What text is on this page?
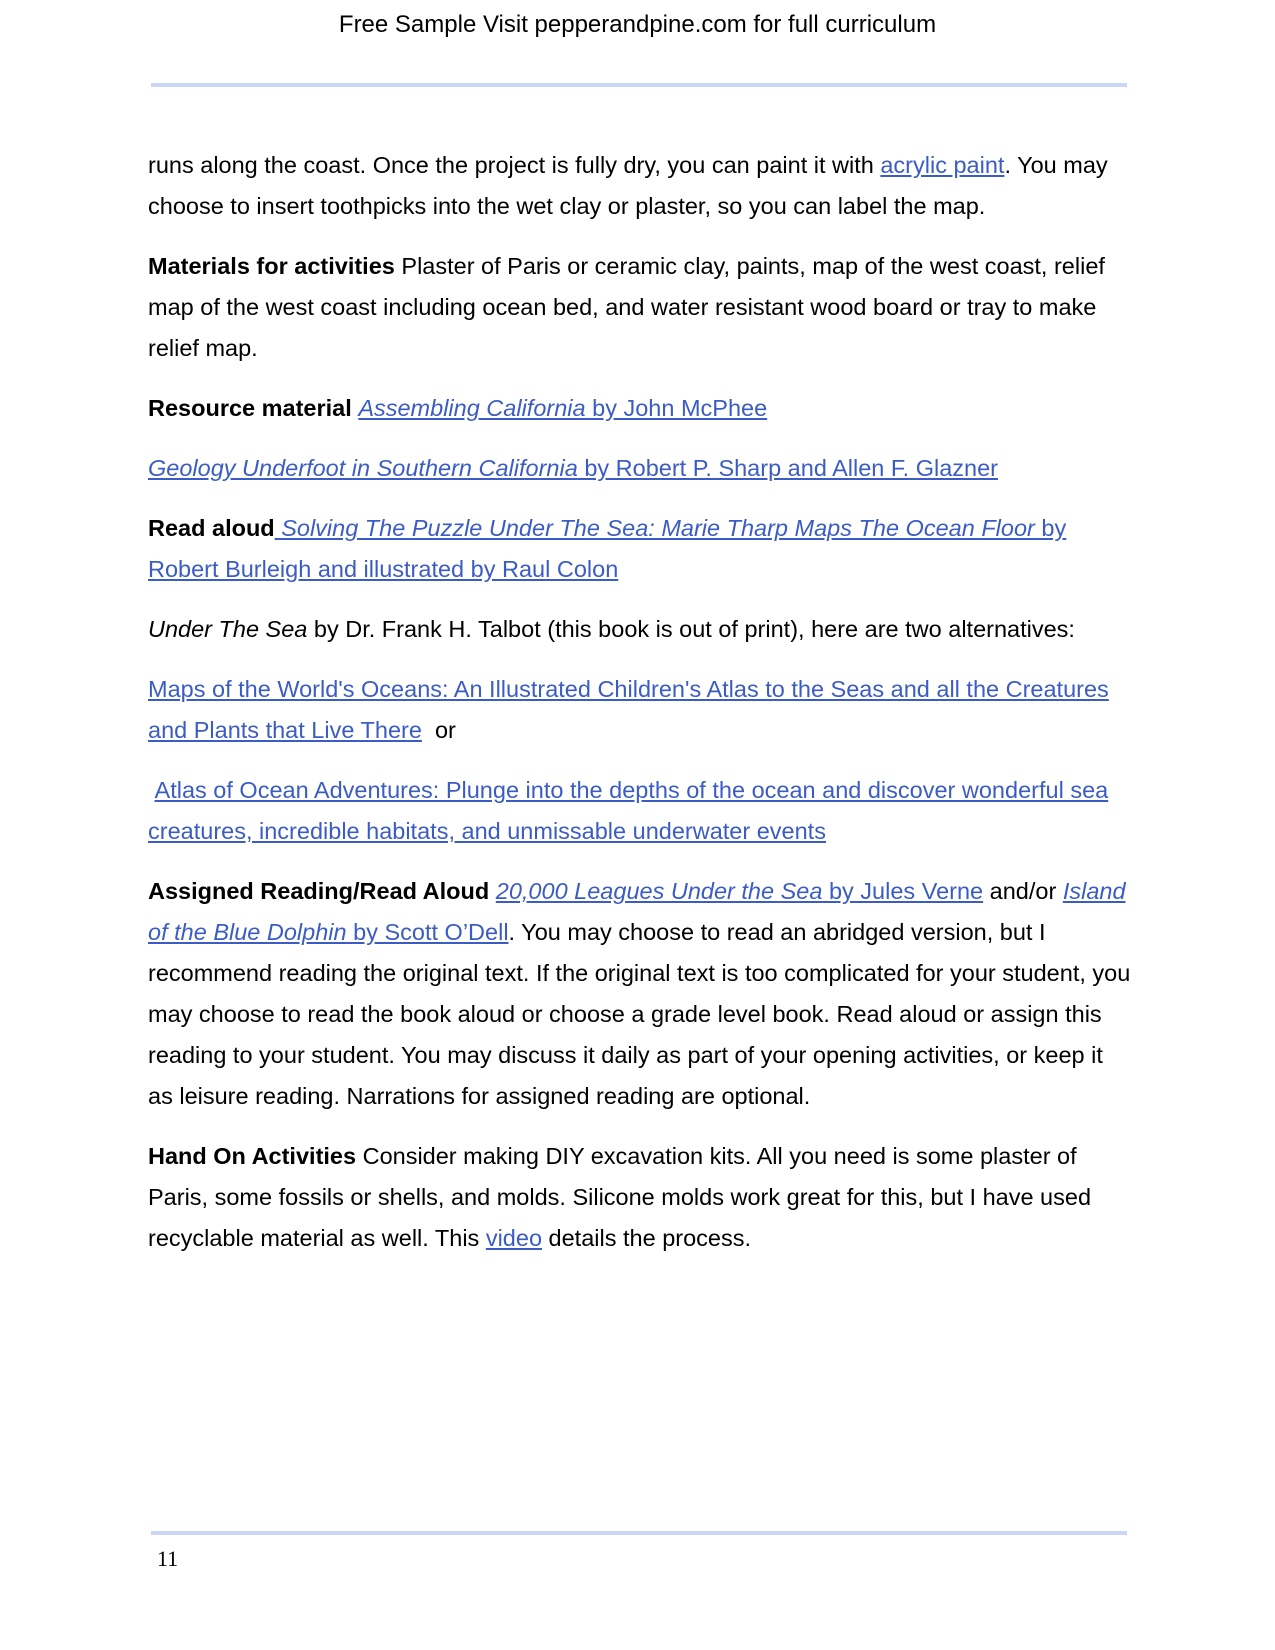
Free Sample Visit pepperandpine.com for full curriculum

runs along the coast. Once the project is fully dry, you can paint it with acrylic paint. You may choose to insert toothpicks into the wet clay or plaster, so you can label the map.

Materials for activities Plaster of Paris or ceramic clay, paints, map of the west coast, relief map of the west coast including ocean bed, and water resistant wood board or tray to make relief map.

Resource material Assembling California by John McPhee

Geology Underfoot in Southern California by Robert P. Sharp and Allen F. Glazner

Read aloud Solving The Puzzle Under The Sea: Marie Tharp Maps The Ocean Floor by Robert Burleigh and illustrated by Raul Colon

Under The Sea by Dr. Frank H. Talbot (this book is out of print), here are two alternatives:

Maps of the World's Oceans: An Illustrated Children's Atlas to the Seas and all the Creatures and Plants that Live There  or

Atlas of Ocean Adventures: Plunge into the depths of the ocean and discover wonderful sea creatures, incredible habitats, and unmissable underwater events

Assigned Reading/Read Aloud 20,000 Leagues Under the Sea by Jules Verne and/or Island of the Blue Dolphin by Scott O’Dell. You may choose to read an abridged version, but I recommend reading the original text. If the original text is too complicated for your student, you may choose to read the book aloud or choose a grade level book. Read aloud or assign this reading to your student. You may discuss it daily as part of your opening activities, or keep it as leisure reading. Narrations for assigned reading are optional.

Hand On Activities Consider making DIY excavation kits. All you need is some plaster of Paris, some fossils or shells, and molds. Silicone molds work great for this, but I have used recyclable material as well. This video details the process.

11
